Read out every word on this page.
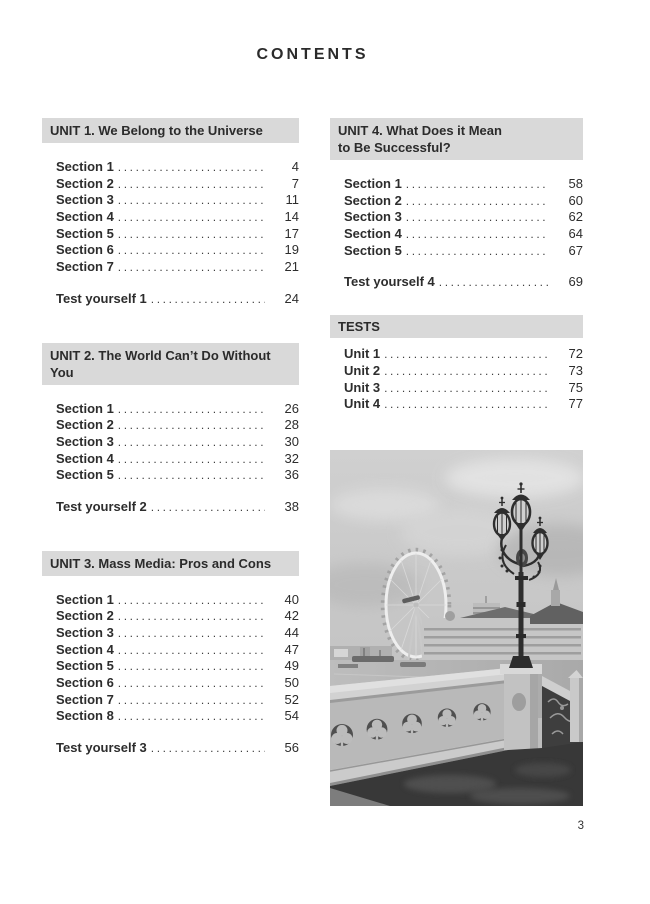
CONTENTS
UNIT 1. We Belong to the Universe
Section 1 .....	4
Section 2 .....	7
Section 3 .....	11
Section 4 .....	14
Section 5 .....	17
Section 6 .....	19
Section 7 .....	21
Test yourself 1 .....	24
UNIT 2. The World Can’t Do Without You
Section 1 .....	26
Section 2 .....	28
Section 3 .....	30
Section 4 .....	32
Section 5 .....	36
Test yourself 2 .....	38
UNIT 3. Mass Media: Pros and Cons
Section 1 .....	40
Section 2 .....	42
Section 3 .....	44
Section 4 .....	47
Section 5 .....	49
Section 6 .....	50
Section 7 .....	52
Section 8 .....	54
Test yourself 3 .....	56
UNIT 4. What Does it Mean
to Be Successful?
Section 1 .....	58
Section 2 .....	60
Section 3 .....	62
Section 4 .....	64
Section 5 .....	67
Test yourself 4 .....	69
TESTS
Unit 1 .....	72
Unit 2 .....	73
Unit 3 .....	75
Unit 4 .....	77
3
